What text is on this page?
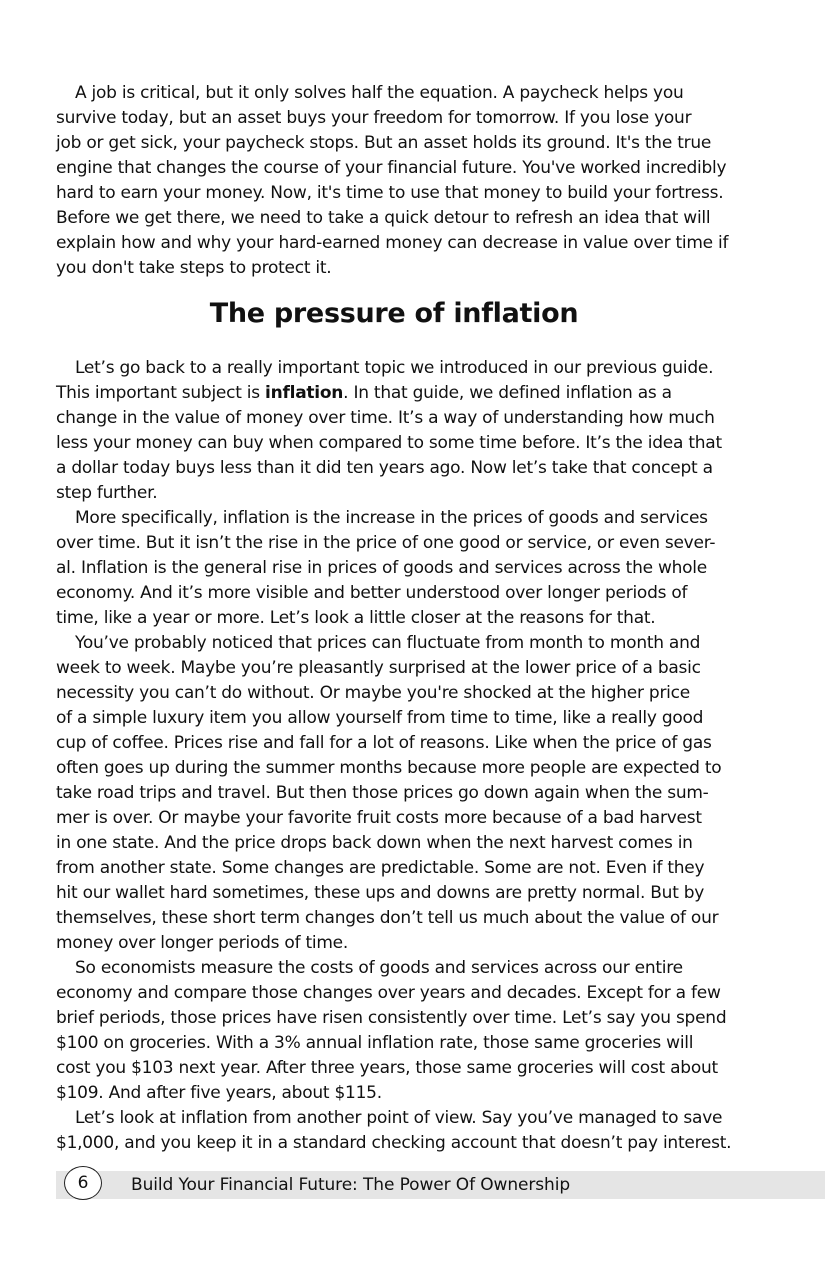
A job is critical, but it only solves half the equation. A paycheck helps you
survive today, but an asset buys your freedom for tomorrow. If you lose your
job or get sick, your paycheck stops. But an asset holds its ground. It's the true
engine that changes the course of your financial future. You've worked incredibly
hard to earn your money. Now, it's time to use that money to build your fortress.
Before we get there, we need to take a quick detour to refresh an idea that will
explain how and why your hard-earned money can decrease in value over time if
you don't take steps to protect it.
The pressure of inflation
Let’s go back to a really important topic we introduced in our previous guide.
This important subject is inflation. In that guide, we defined inflation as a
change in the value of money over time. It’s a way of understanding how much
less your money can buy when compared to some time before. It’s the idea that
a dollar today buys less than it did ten years ago. Now let’s take that concept a
step further.
More specifically, inflation is the increase in the prices of goods and services
over time. But it isn’t the rise in the price of one good or service, or even sever-
al. Inflation is the general rise in prices of goods and services across the whole
economy. And it’s more visible and better understood over longer periods of
time, like a year or more. Let’s look a little closer at the reasons for that.
You’ve probably noticed that prices can fluctuate from month to month and
week to week. Maybe you’re pleasantly surprised at the lower price of a basic
necessity you can’t do without. Or maybe you're shocked at the higher price
of a simple luxury item you allow yourself from time to time, like a really good
cup of coffee. Prices rise and fall for a lot of reasons. Like when the price of gas
often goes up during the summer months because more people are expected to
take road trips and travel. But then those prices go down again when the sum-
mer is over. Or maybe your favorite fruit costs more because of a bad harvest
in one state. And the price drops back down when the next harvest comes in
from another state. Some changes are predictable. Some are not. Even if they
hit our wallet hard sometimes, these ups and downs are pretty normal. But by
themselves, these short term changes don’t tell us much about the value of our
money over longer periods of time.
So economists measure the costs of goods and services across our entire
economy and compare those changes over years and decades. Except for a few
brief periods, those prices have risen consistently over time. Let’s say you spend
$100 on groceries. With a 3% annual inflation rate, those same groceries will
cost you $103 next year. After three years, those same groceries will cost about
$109. And after five years, about $115.
Let’s look at inflation from another point of view. Say you’ve managed to save
$1,000, and you keep it in a standard checking account that doesn’t pay interest.
6	Build Your Financial Future: The Power Of Ownership
